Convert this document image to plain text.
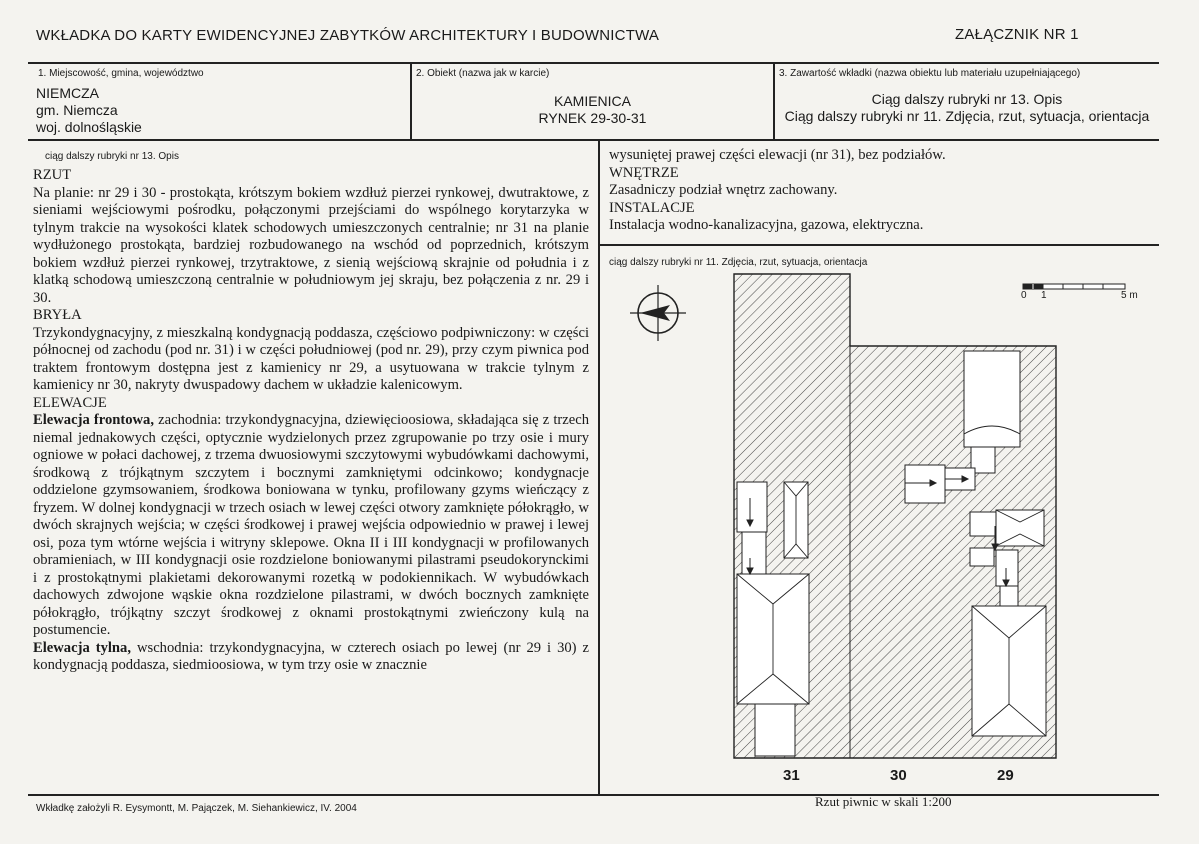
WKŁADKA DO KARTY EWIDENCYJNEJ ZABYTKÓW ARCHITEKTURY I BUDOWNICTWA	ZAŁĄCZNIK NR 1
1. Miejscowość, gmina, województwo
NIEMCZA
gm. Niemcza
woj. dolnośląskie
2. Obiekt (nazwa jak w karcie)
KAMIENICA
RYNEK 29-30-31
3. Zawartość wkładki (nazwa obiektu lub materiału uzupełniającego)
Ciąg dalszy rubryki nr 13. Opis
Ciąg dalszy rubryki nr 11. Zdjęcia, rzut, sytuacja, orientacja
ciąg dalszy rubryki nr 13. Opis

RZUT

Na planie: nr 29 i 30 - prostokąta, krótszym bokiem wzdłuż pierzei rynkowej, dwutraktowe, z sieniami wejściowymi pośrodku, połączonymi przejściami do wspólnego korytarzyka w tylnym trakcie na wysokości klatek schodowych umieszczonych centralnie; nr 31 na planie wydłużonego prostokąta, bardziej rozbudowanego na wschód od poprzednich, krótszym bokiem wzdłuż pierzei rynkowej, trzytraktowe, z sienią wejściową skrajnie od południa i z klatką schodową umieszczoną centralnie w południowym jej skraju, bez połączenia z nr. 29 i 30.

BRYŁA

Trzykondygnacyjny, z mieszkalną kondygnacją poddasza, częściowo podpiwniczony: w części północnej od zachodu (pod nr. 31) i w części południowej (pod nr. 29), przy czym piwnica pod traktem frontowym dostępna jest z kamienicy nr 29, a usytuowana w trakcie tylnym z kamienicy nr 30, nakryty dwuspadowy dachem w układzie kalenicowym.

ELEWACJE

Elewacja frontowa, zachodnia: trzykondygnacyjna, dziewięcioosiowa, składająca się z trzech niemal jednakowych części, optycznie wydzielonych przez zgrupowanie po trzy osie i mury ogniowe w połaci dachowej, z trzema dwuosiowymi szczytowymi wybudówkami dachowymi, środkową z trójkątnym szczytem i bocznymi zamkniętymi odcinkowo; kondygnacje oddzielone gzymsowaniem, środkowa boniowana w tynku, profilowany gzyms wieńczący z fryzem. W dolnej kondygnacji w trzech osiach w lewej części otwory zamknięte półokrągło, w dwóch skrajnych wejścia; w części środkowej i prawej wejścia odpowiednio w prawej i lewej osi, poza tym wtórne wejścia i witryny sklepowe. Okna II i III kondygnacji w profilowanych obramieniach, w III kondygnacji osie rozdzielone boniowanymi pilastrami pseudokorynckimi i z prostokątnymi plakietami dekorowanymi rozetką w podokiennikach. W wybudówkach dachowych zdwojone wąskie okna rozdzielone pilastrami, w dwóch bocznych zamknięte półokrągło, trójkątny szczyt środkowej z oknami prostokątnymi zwieńczony kulą na postumencie.

Elewacja tylna, wschodnia: trzykondygnacyjna, w czterech osiach po lewej (nr 29 i 30) z kondygnacją poddasza, siedmioosiowa, w tym trzy osie w znacznie

wysuniętej prawej części elewacji (nr 31), bez podziałów.

WNĘTRZE

Zasadniczy podział wnętrz zachowany.

INSTALACJE

Instalacja wodno-kanalizacyjna, gazowa, elektryczna.

ciąg dalszy rubryki nr 11. Zdjęcia, rzut, sytuacja, orientacja
0 1	5 m
31	30	29
Rzut piwnic w skali 1:200
Wkładkę założyli R. Eysymontt, M. Pajączek, M. Siehankiewicz, IV. 2004
